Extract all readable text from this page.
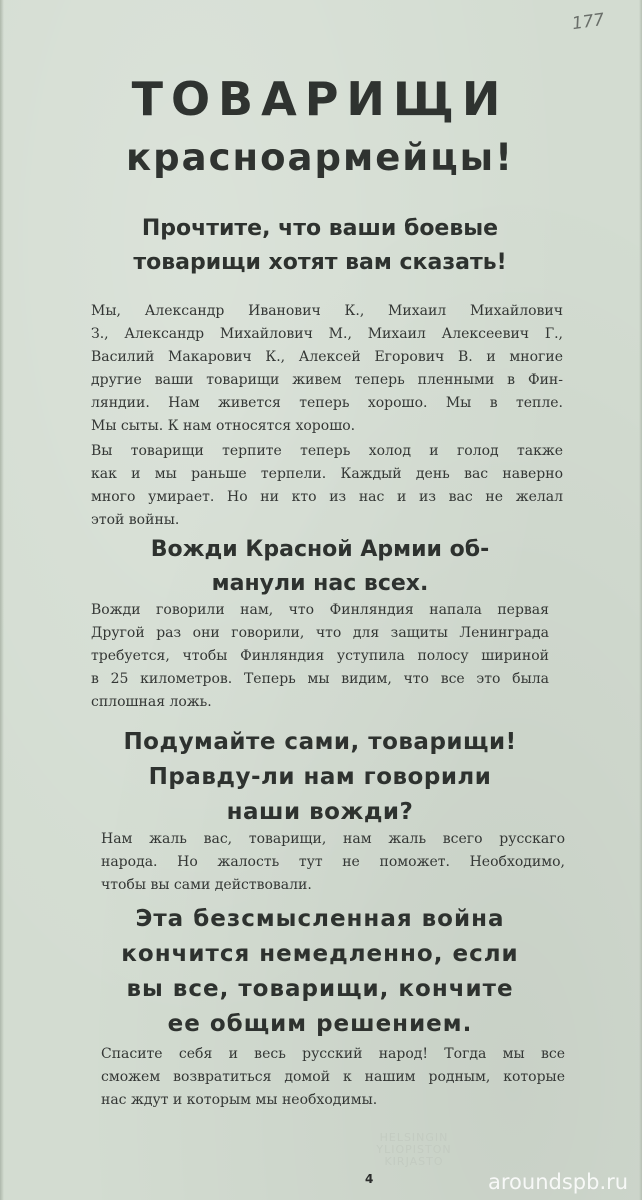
177
ТОВАРИЩИ
красноармейцы!
Прочтите, что ваши боевые
товарищи хотят вам сказать!
Мы, Александр Иванович К., Михаил Михайлович
З., Александр Михайлович М., Михаил Алексеевич Г.,
Василий Макарович К., Алексей Егорович В. и многие
другие ваши товарищи живем теперь пленными в Фин-
ляндии. Нам живется теперь хорошо. Мы в тепле.
Мы сыты. К нам относятся хорошо.
Вы товарищи терпите теперь холод и голод также
как и мы раньше терпели. Каждый день вас наверно
много умирает. Но ни кто из нас и из вас не желал
этой войны.
Вожди Красной Армии об-
манули нас всех.
Вожди говорили нам, что Финляндия напала первая
Другой раз они говорили, что для защиты Ленинграда
требуется, чтобы Финляндия уступила полосу шириной
в 25 километров. Теперь мы видим, что все это была
сплошная ложь.
Подумайте сами, товарищи!
Правду-ли нам говорили
наши вожди?
Нам жаль вас, товарищи, нам жаль всего русскаго
народа. Но жалость тут не поможет. Необходимо,
чтобы вы сами действовали.
Эта безсмысленная война
кончится немедленно, если
вы все, товарищи, кончите
ее общим решением.
Спасите себя и весь русский народ! Тогда мы все
сможем возвратиться домой к нашим родным, которые
нас ждут и которым мы необходимы.
HELSINGIN
YLIOPISTON
KIRJASTO
4	aroundspb.ru
